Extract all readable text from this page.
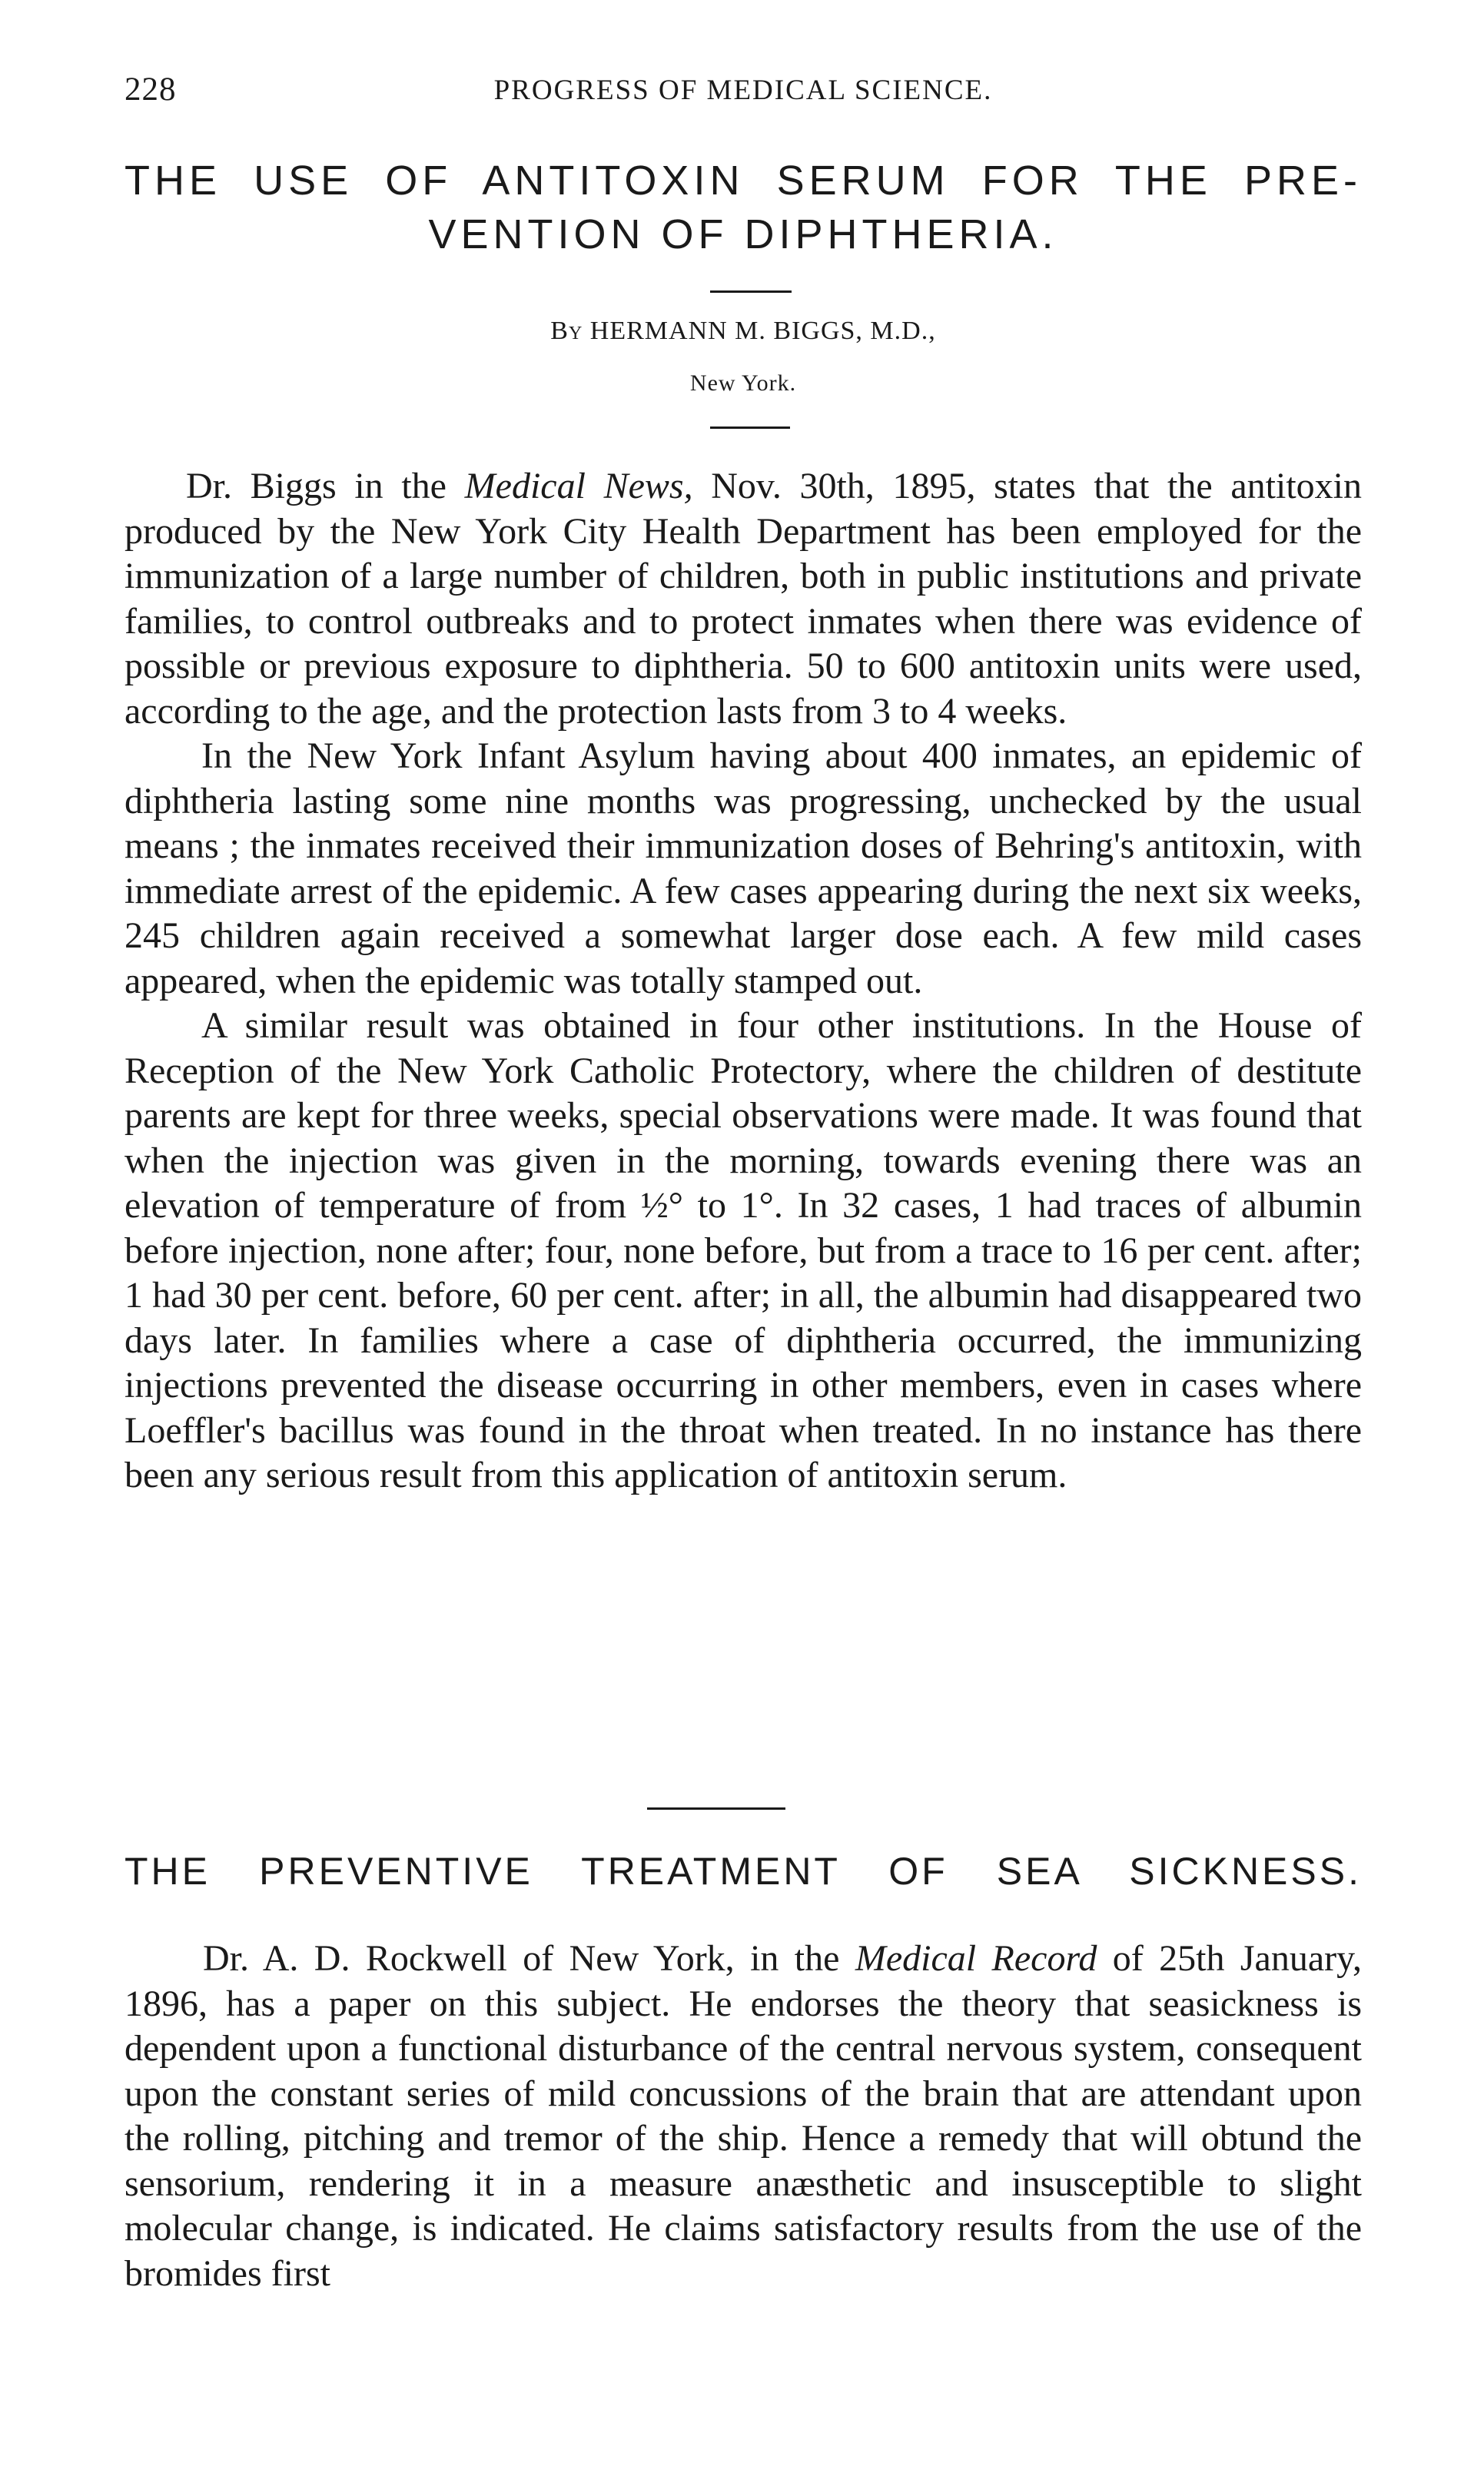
228	PROGRESS OF MEDICAL SCIENCE.
THE USE OF ANTITOXIN SERUM FOR THE PRE-
VENTION OF DIPHTHERIA.
By HERMANN M. BIGGS, M.D.,
New York.

Dr. Biggs in the Medical News, Nov. 30th, 1895, states that the antitoxin produced by the New York City Health Department has been employed for the immunization of a large number of children, both in public institutions and private families, to control outbreaks and to protect inmates when there was evidence of possible or previous exposure to diphtheria. 50 to 600 antitoxin units were used, according to the age, and the protection lasts from 3 to 4 weeks.

In the New York Infant Asylum having about 400 inmates, an epidemic of diphtheria lasting some nine months was progressing, unchecked by the usual means ; the inmates received their immunization doses of Behring's antitoxin, with immediate arrest of the epidemic. A few cases appearing during the next six weeks, 245 children again received a somewhat larger dose each. A few mild cases appeared, when the epidemic was totally stamped out.

A similar result was obtained in four other institutions. In the House of Reception of the New York Catholic Protectory, where the children of destitute parents are kept for three weeks, special observations were made. It was found that when the injection was given in the morning, towards evening there was an elevation of temperature of from ½° to 1°. In 32 cases, 1 had traces of albumin before injection, none after; four, none before, but from a trace to 16 per cent. after; 1 had 30 per cent. before, 60 per cent. after; in all, the albumin had disappeared two days later. In families where a case of diphtheria occurred, the immunizing injections prevented the disease occurring in other members, even in cases where Loeffler's bacillus was found in the throat when treated. In no instance has there been any serious result from this application of antitoxin serum.

THE PREVENTIVE TREATMENT OF SEA SICKNESS.

Dr. A. D. Rockwell of New York, in the Medical Record of 25th January, 1896, has a paper on this subject. He endorses the theory that seasickness is dependent upon a functional disturbance of the central nervous system, consequent upon the constant series of mild concussions of the brain that are attendant upon the rolling, pitching and tremor of the ship. Hence a remedy that will obtund the sensorium, rendering it in a measure anæsthetic and insusceptible to slight molecular change, is indicated. He claims satisfactory results from the use of the bromides first
